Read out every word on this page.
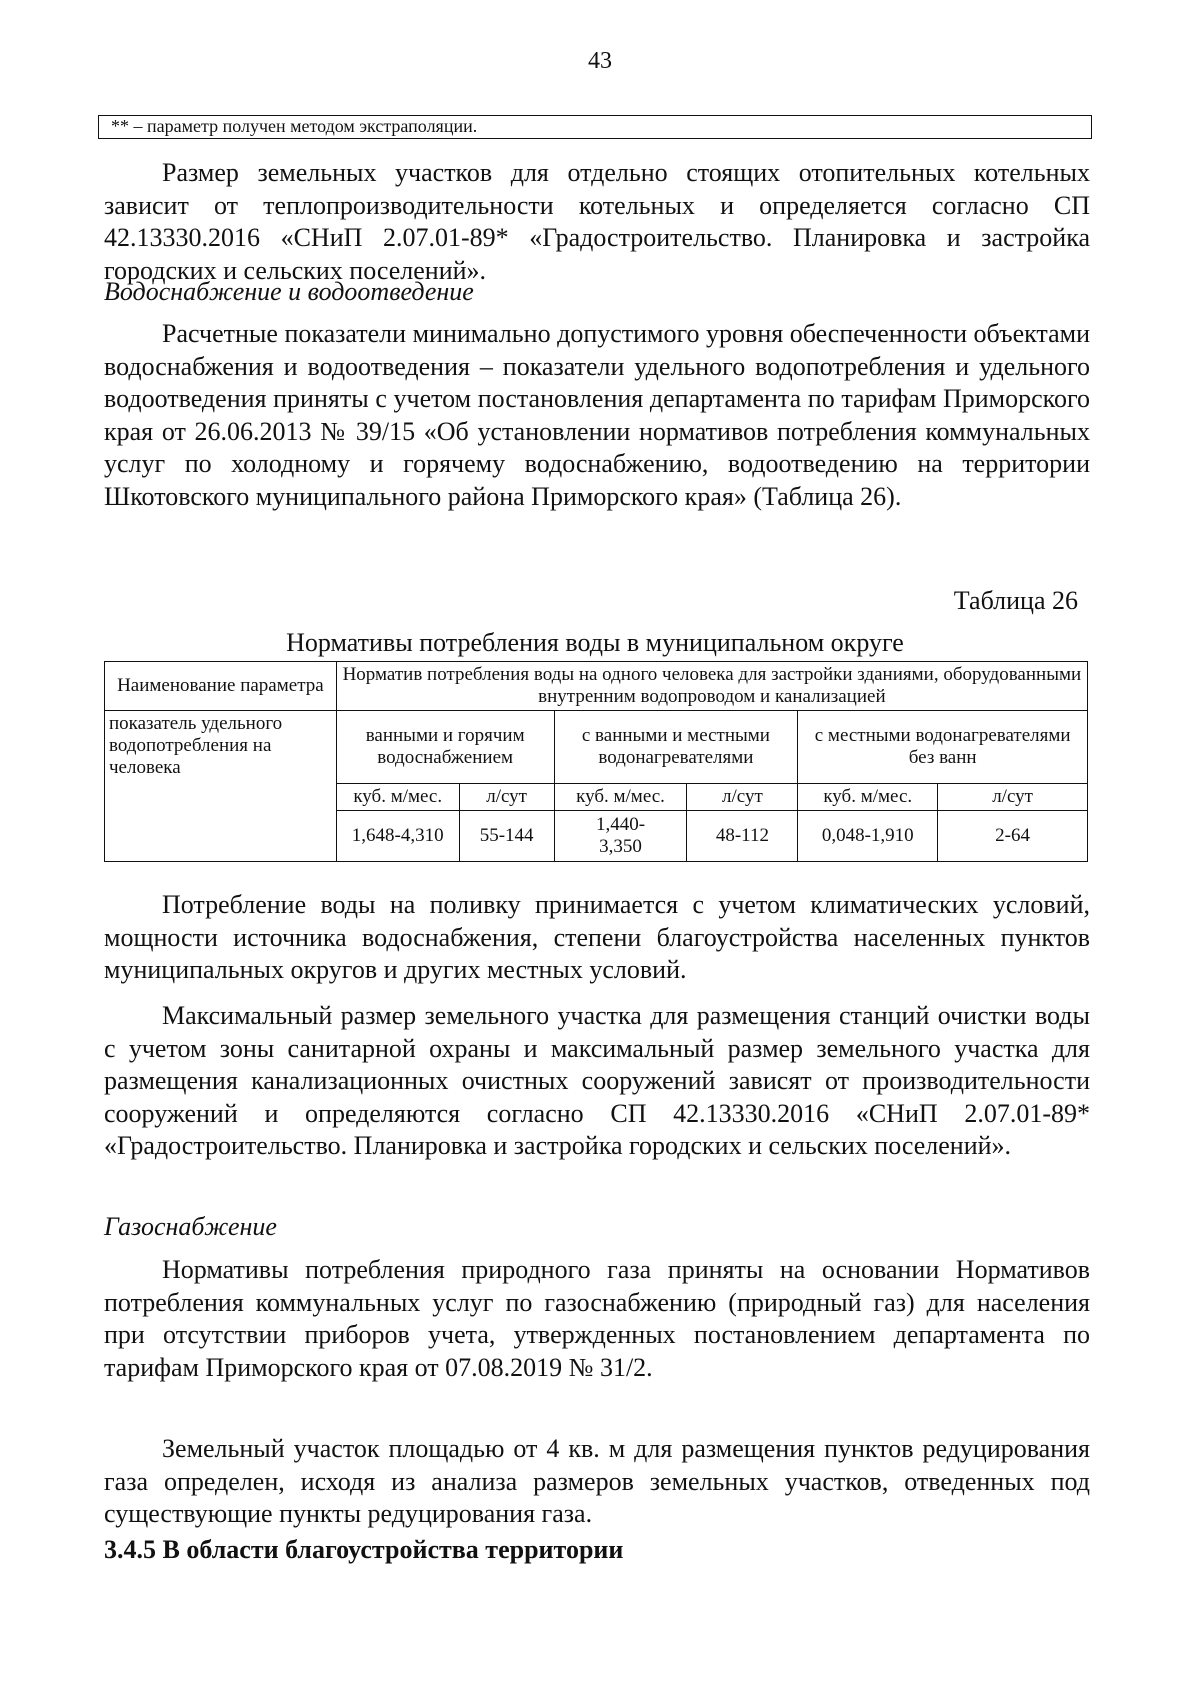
43
** – параметр получен методом экстраполяции.

Размер земельных участков для отдельно стоящих отопительных котельных зависит от теплопроизводительности котельных и определяется согласно СП 42.13330.2016 «СНиП 2.07.01-89* «Градостроительство. Планировка и застройка городских и сельских поселений».

Водоснабжение и водоотведение

Расчетные показатели минимально допустимого уровня обеспеченности объектами водоснабжения и водоотведения – показатели удельного водопотребления и удельного водоотведения приняты с учетом постановления департамента по тарифам Приморского края от 26.06.2013 № 39/15 «Об установлении нормативов потребления коммунальных услуг по холодному и горячему водоснабжению, водоотведению на территории Шкотовского муниципального района Приморского края» (Таблица 26).

Таблица 26
Нормативы потребления воды в муниципальном округе
Наименование параметра	Норматив потребления воды на одного человека для застройки зданиями, оборудованными внутренним водопроводом и канализацией					
показатель удельного водопотребления на человека	ванными и горячим водоснабжением		с ванными и местными водонагревателями		с местными водонагревателями без ванн	
	куб. м/мес.	л/сут	куб. м/мес.	л/сут	куб. м/мес.	л/сут
	1,648-4,310	55-144	1,440-3,350	48-112	0,048-1,910	2-64

Потребление воды на поливку принимается с учетом климатических условий, мощности источника водоснабжения, степени благоустройства населенных пунктов муниципальных округов и других местных условий.

Максимальный размер земельного участка для размещения станций очистки воды с учетом зоны санитарной охраны и максимальный размер земельного участка для размещения канализационных очистных сооружений зависят от производительности сооружений и определяются согласно СП 42.13330.2016 «СНиП 2.07.01-89* «Градостроительство. Планировка и застройка городских и сельских поселений».

Газоснабжение

Нормативы потребления природного газа приняты на основании Нормативов потребления коммунальных услуг по газоснабжению (природный газ) для населения при отсутствии приборов учета, утвержденных постановлением департамента по тарифам Приморского края от 07.08.2019 № 31/2.

Земельный участок площадью от 4 кв. м для размещения пунктов редуцирования газа определен, исходя из анализа размеров земельных участков, отведенных под существующие пункты редуцирования газа.

3.4.5 В области благоустройства территории
